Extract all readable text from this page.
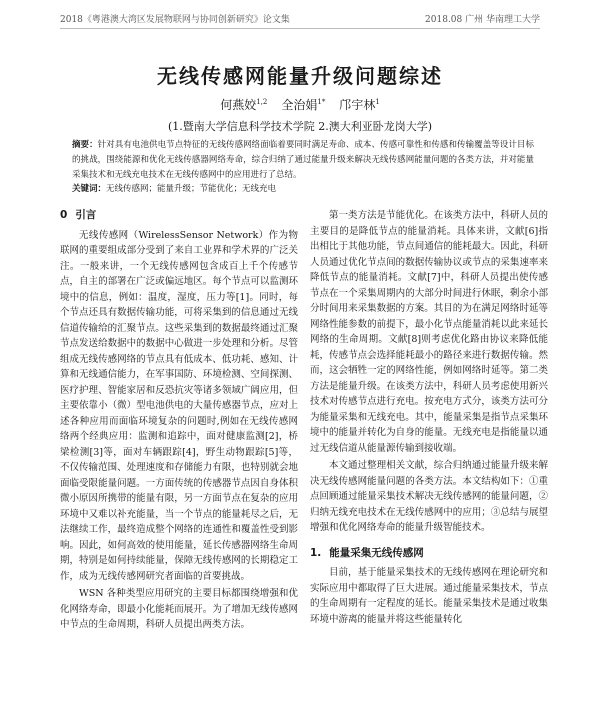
2018《粤港澳大湾区发展物联网与协同创新研究》论文集	2018.08 广州 华南理工大学
无线传感网能量升级问题综述
何燕姣$^{1,2}$ 全治娟$^{1*}$ 邝宇林$^1$
(1.暨南大学信息科学技术学院 2.澳大利亚卧龙岗大学)
摘要：针对具有电池供电节点特征的无线传感网络面临着要同时满足寿命、成本、传感可靠性和传感和传输覆盖等设计目标的挑战，围绕能源和优化无线传感器网络寿命，综合归纳了通过能量升级来解决无线传感网能量问题的各类方法，并对能量采集技术和无线充电技术在无线传感网中的应用进行了总结。
关键词：无线传感网；能量升级；节能优化；无线充电
0 引言

无线传感网（WirelessSensor Network）作为物联网的重要组成部分受到了来自工业界和学术界的广泛关注。一般来讲，一个无线传感网包含成百上千个传感节点，自主的部署在广泛或偏远地区。每个节点可以监测环境中的信息，例如：温度，湿度，压力等[1]。同时，每个节点还具有数据传输功能，可将采集到的信息通过无线信道传输给的汇聚节点。这些采集到的数据最终通过汇聚节点发送给数据中的数据中心做进一步处理和分析。尽管组成无线传感网络的节点具有低成本、低功耗、感知、计算和无线通信能力，在军事国防、环境检测、空间探测、医疗护理、智能家居和反恐抗灾等诸多领域广阔应用，但主要依靠小（微）型电池供电的大量传感器节点，应对上述各种应用而面临环境复杂的问题时,例如在无线传感网络两个经典应用：监测和追踪中，面对健康监测[2]，桥梁检测[3]等，面对车辆跟踪[4]，野生动物跟踪[5]等，不仅传输范围、处理速度和存储能力有限，也特别就会地面临受限能量问题。一方面传统的传感器节点因自身体积微小原因所携带的能量有限，另一方面节点在复杂的应用环境中又难以补充能量，当一个节点的能量耗尽之后，无法继续工作，最终造成整个网络的连通性和覆盖性受到影响。因此，如何高效的使用能量，延长传感器网络生命周期，特别是如何持续能量，保障无线传感网的长期稳定工作，成为无线传感网研究者面临的首要挑战。

WSN 各种类型应用研究的主要目标都围绕增强和优化网络寿命，即最小化能耗而展开。为了增加无线传感网中节点的生命周期，科研人员提出两类方法。

第一类方法是节能优化。在该类方法中，科研人员的主要目的是降低节点的能量消耗。具体来讲，文献[6]指出相比于其他功能，节点间通信的能耗最大。因此，科研人员通过优化节点间的数据传输协议或节点的采集速率来降低节点的能量消耗。文献[7]中，科研人员提出使传感节点在一个采集周期内的大部分时间进行休眠，剩余小部分时间用来采集数据的方案。其目的为在满足网络时延等网络性能参数的前提下，最小化节点能量消耗以此来延长网络的生命周期。文献[8]则考虑优化路由协议来降低能耗，传感节点会选择能耗最小的路径来进行数据传输。然而，这会牺牲一定的网络性能，例如网络时延等。第二类方法是能量升级。在该类方法中，科研人员考虑使用新兴技术对传感节点进行充电。按充电方式分，该类方法可分为能量采集和无线充电。其中，能量采集是指节点采集环境中的能量并转化为自身的能量。无线充电是指能量以通过无线信道从能量源传输到接收端。

本文通过整理相关文献，综合归纳通过能量升级来解决无线传感网能量问题的各类方法。本文结构如下：①重点回顾通过能量采集技术解决无线传感网的能量问题，②归纳无线充电技术在无线传感网中的应用；③总结与展望增强和优化网络寿命的能量升级智能技术。

1. 能量采集无线传感网

目前，基于能量采集技术的无线传感网在理论研究和实际应用中都取得了巨大进展。通过能量采集技术，节点的生命周期有一定程度的延长。能量采集技术是通过收集环境中游离的能量并将这些能量转化
